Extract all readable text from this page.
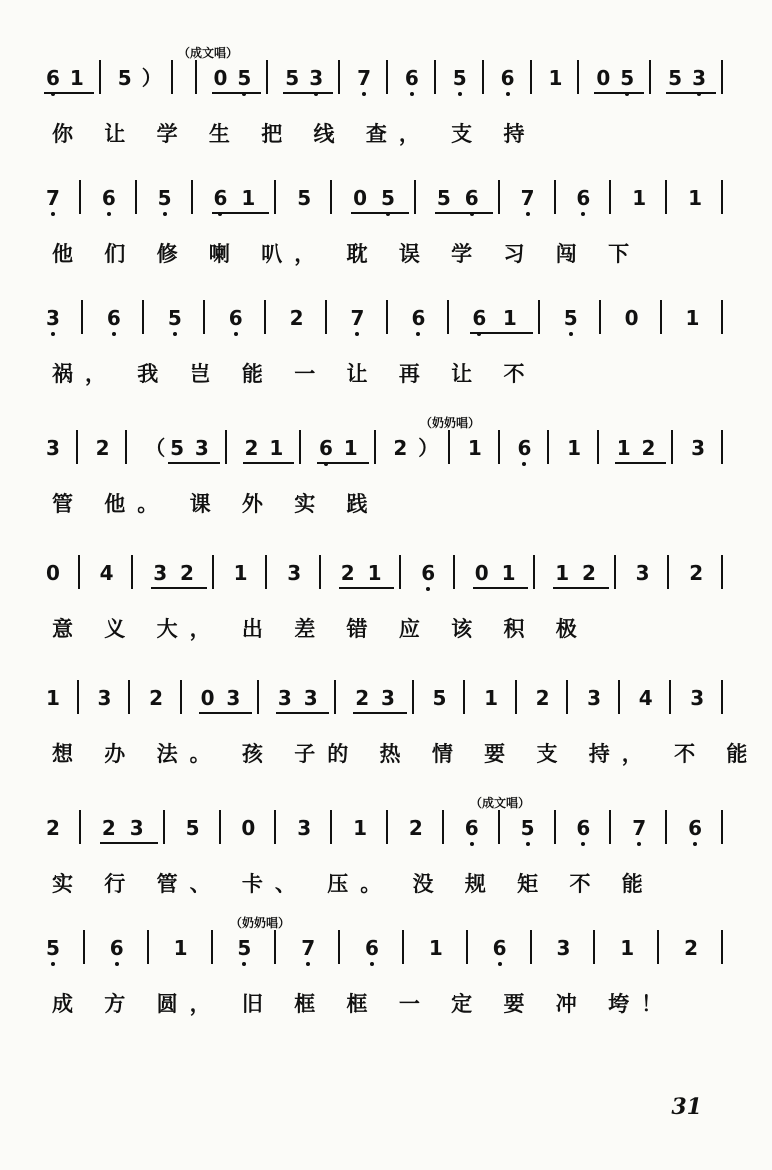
（成文唱）
6 1 5 ）	0 5 5 3 7 6 5 6 1 0 5 5 3
你 让 学 生 把 线 查， 支 持
7 6 5 6 1 5 0 5 5 6 7 6 1 1
他 们 修 喇 叭， 耽 误 学 习 闯 下
3 6 5 6 2 7 6 6 1 5 0 1
祸， 我 岂 能 一 让 再 让 不
（奶奶唱）
3 2 （ 5 3 2 1 6 1 2 ） 1 6 1 1 2 3
管 他。 课 外 实 践
0 4 3 2 1 3 2 1 6 0 1 1 2 3 2
意 义 大， 出 差 错 应 该 积 极
1 3 2 0 3 3 3 2 3 5 1 2 3 4 3
想 办 法。 孩 子的 热 情 要 支 持， 不 能
（成文唱）
2 2 3 5 0 3 1 2 6 5 6 7 6
实 行 管、 卡、 压。 没 规 矩 不 能
（奶奶唱）
5 6 1 5 7 6 1 6 3 1 2
成 方 圆， 旧 框 框 一 定 要 冲 垮！
31
